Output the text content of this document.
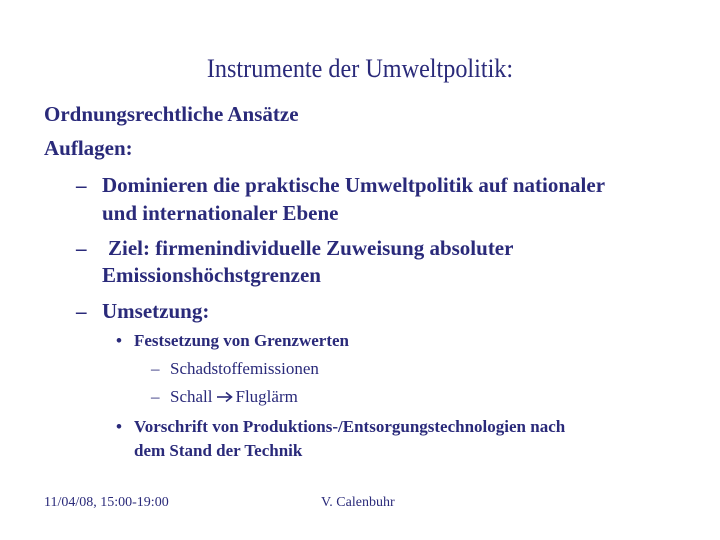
Instrumente der Umweltpolitik:
Ordnungsrechtliche Ansätze
Auflagen:
– Dominieren die praktische Umweltpolitik auf nationaler
und internationaler Ebene
– Ziel: firmenindividuelle Zuweisung absoluter
Emissionshöchstgrenzen
– Umsetzung:
• Festsetzung von Grenzwerten
– Schadstoffemissionen
– Schall Fluglärm
• Vorschrift von Produktions-/Entsorgungstechnologien nach
dem Stand der Technik
11/04/08, 15:00-19:00	V. Calenbuhr
